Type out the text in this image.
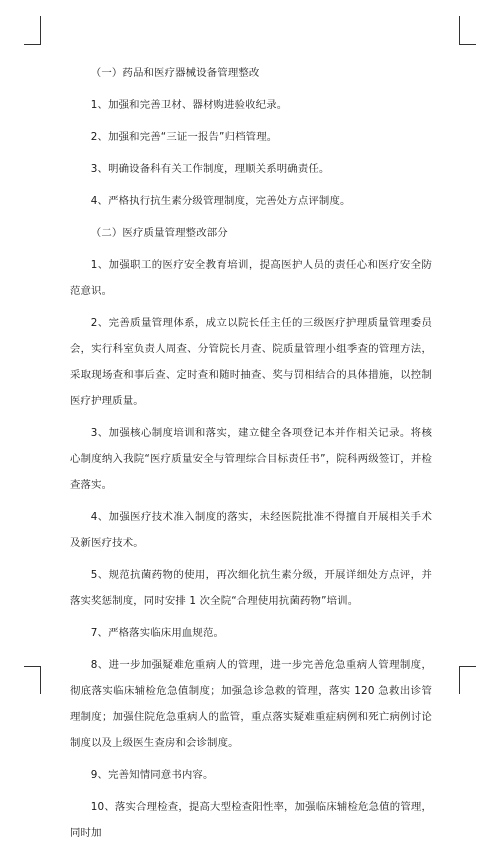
（一）药品和医疗器械设备管理整改

1、加强和完善卫材、器材购进验收纪录。

2、加强和完善“三证一报告”归档管理。

3、明确设备科有关工作制度，理顺关系明确责任。

4、严格执行抗生素分级管理制度，完善处方点评制度。

（二）医疗质量管理整改部分

1、加强职工的医疗安全教育培训，提高医护人员的责任心和医疗安全防范意识。

2、完善质量管理体系，成立以院长任主任的三级医疗护理质量管理委员会，实行科室负责人周查、分管院长月查、院质量管理小组季查的管理方法，采取现场查和事后查、定时查和随时抽查、奖与罚相结合的具体措施，以控制医疗护理质量。

3、加强核心制度培训和落实，建立健全各项登记本并作相关记录。将核心制度纳入我院“医疗质量安全与管理综合目标责任书”，院科两级签订，并检查落实。

4、加强医疗技术准入制度的落实，未经医院批准不得擅自开展相关手术及新医疗技术。

5、规范抗菌药物的使用，再次细化抗生素分级，开展详细处方点评，并落实奖惩制度，同时安排 1 次全院“合理使用抗菌药物”培训。

7、严格落实临床用血规范。

8、进一步加强疑难危重病人的管理，进一步完善危急重病人管理制度，彻底落实临床辅检危急值制度；加强急诊急救的管理，落实 120 急救出诊管理制度；加强住院危急重病人的监管，重点落实疑难重症病例和死亡病例讨论制度以及上级医生查房和会诊制度。

9、完善知情同意书内容。

10、落实合理检查，提高大型检查阳性率，加强临床辅检危急值的管理，同时加
